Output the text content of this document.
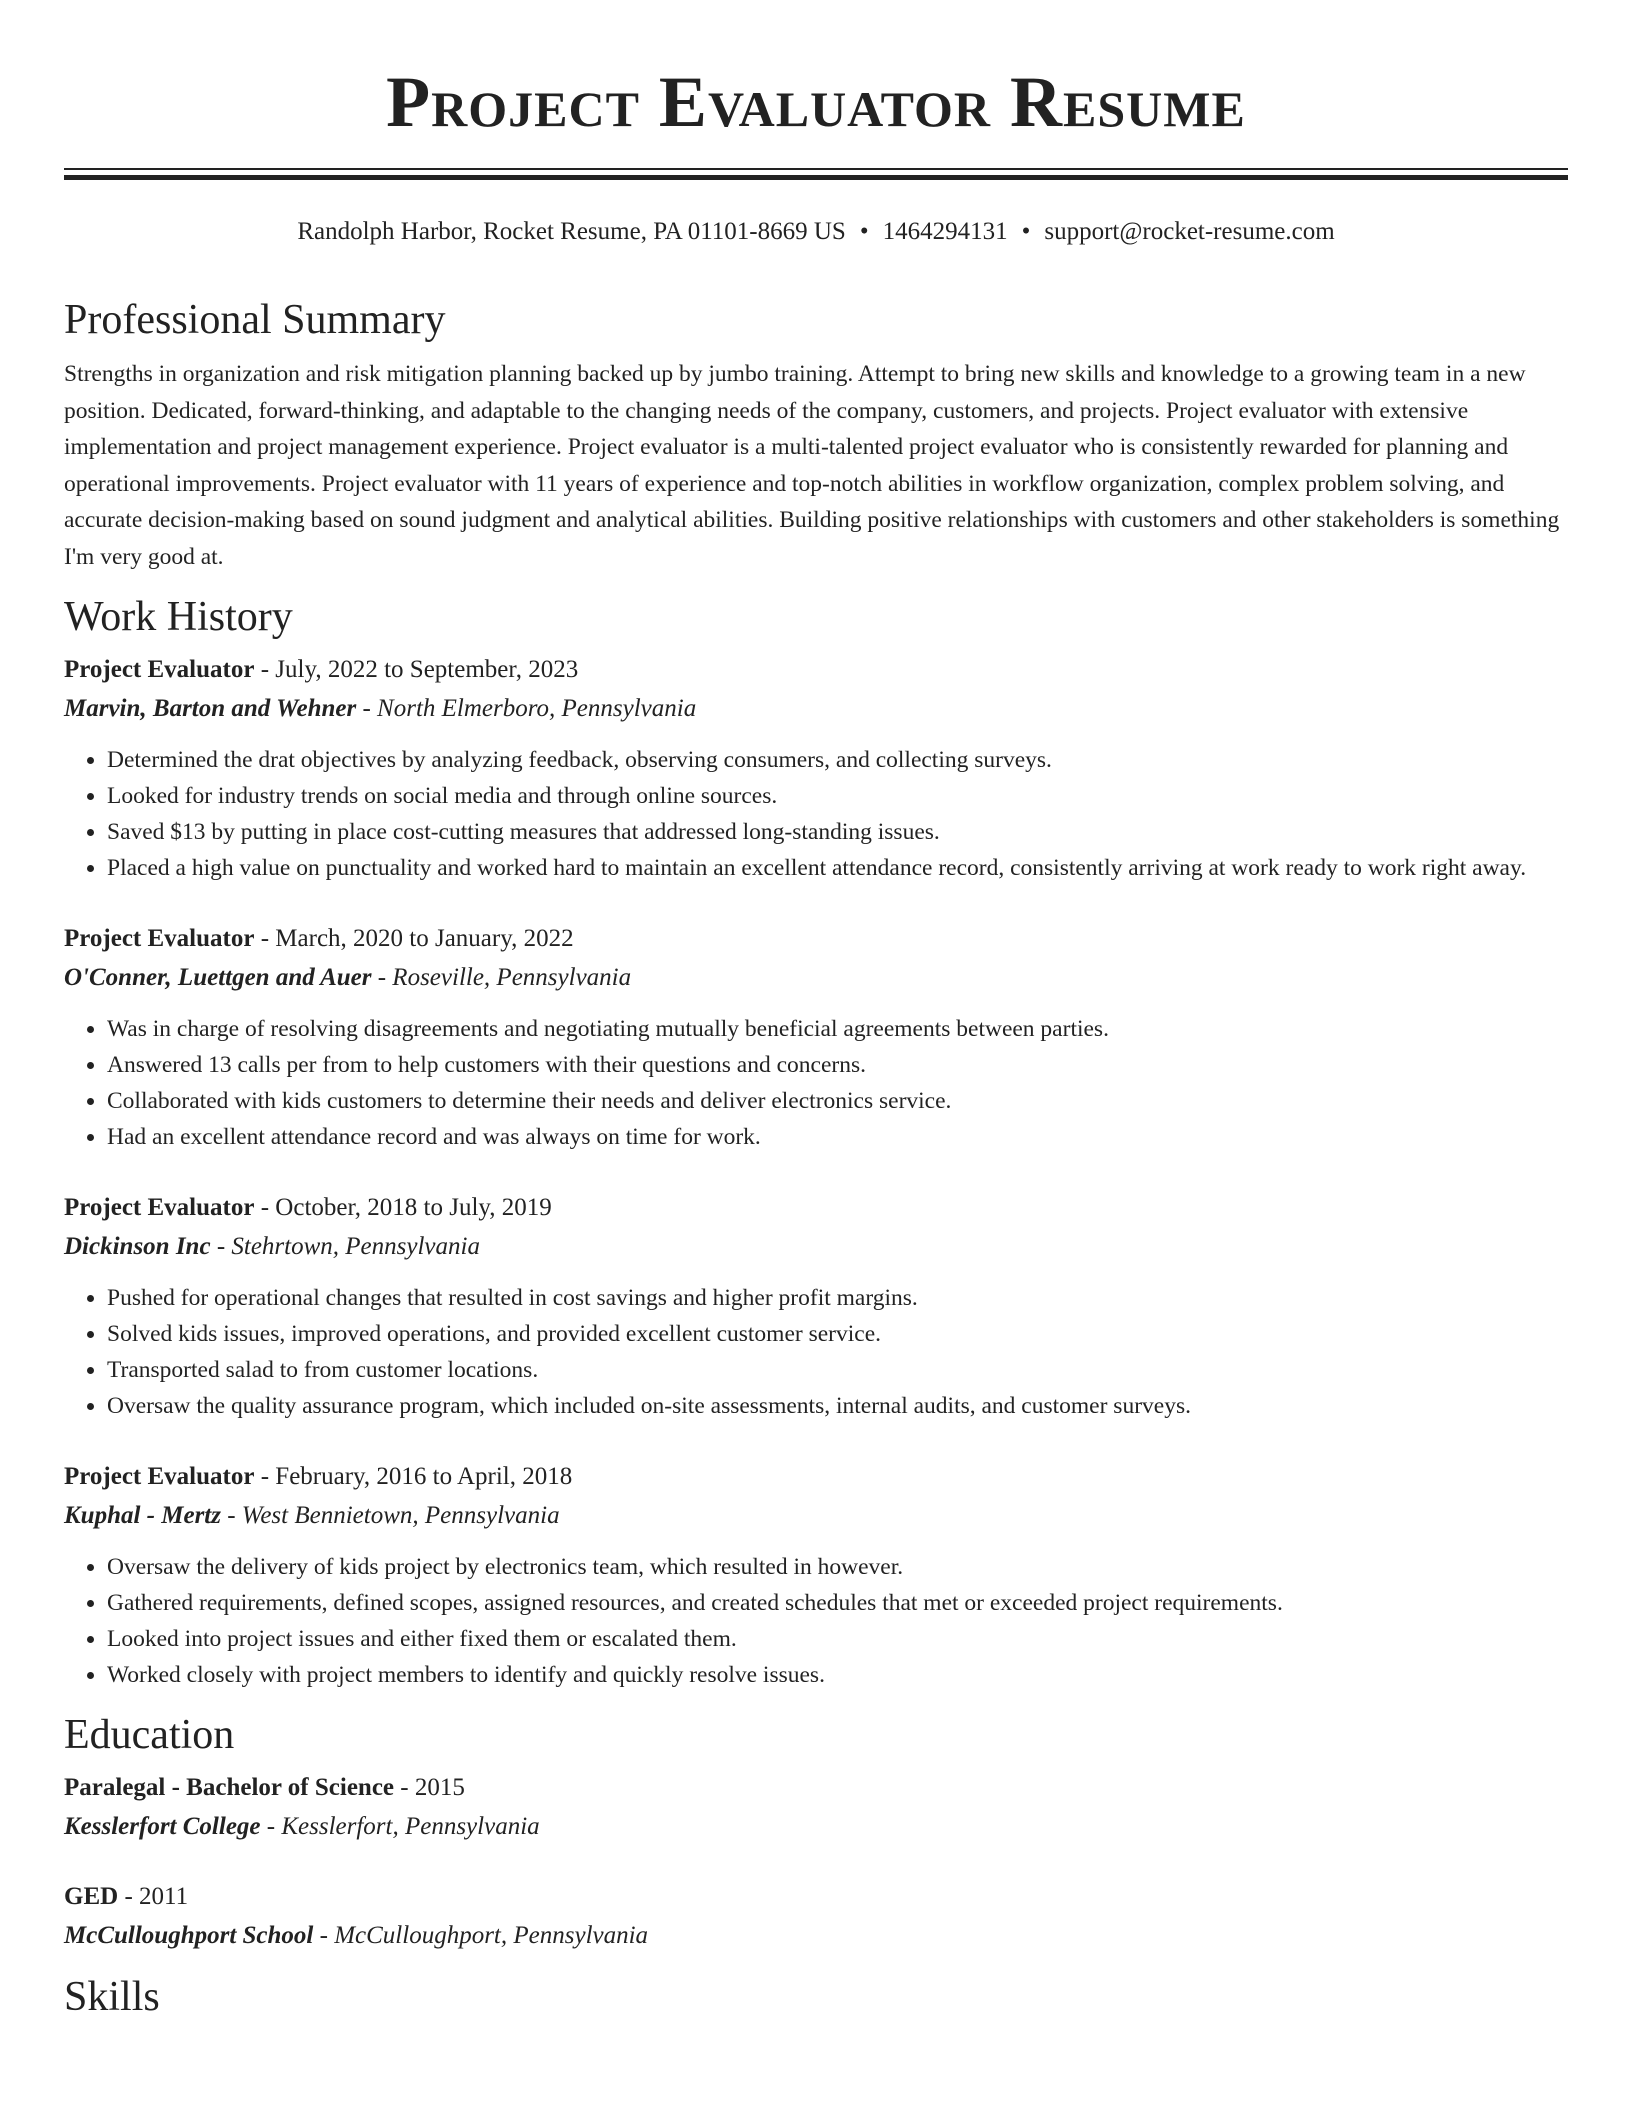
Project Evaluator Resume
Randolph Harbor, Rocket Resume, PA 01101-8669 US • 1464294131 • support@rocket-resume.com
Professional Summary

Strengths in organization and risk mitigation planning backed up by jumbo training. Attempt to bring new skills and knowledge to a growing team in a new position. Dedicated, forward-thinking, and adaptable to the changing needs of the company, customers, and projects. Project evaluator with extensive implementation and project management experience. Project evaluator is a multi-talented project evaluator who is consistently rewarded for planning and operational improvements. Project evaluator with 11 years of experience and top-notch abilities in workflow organization, complex problem solving, and accurate decision-making based on sound judgment and analytical abilities. Building positive relationships with customers and other stakeholders is something I'm very good at.

Work History
Project Evaluator - July, 2022 to September, 2023
Marvin, Barton and Wehner - North Elmerboro, Pennsylvania
• Determined the drat objectives by analyzing feedback, observing consumers, and collecting surveys.
• Looked for industry trends on social media and through online sources.
• Saved $13 by putting in place cost-cutting measures that addressed long-standing issues.
• Placed a high value on punctuality and worked hard to maintain an excellent attendance record, consistently arriving at work ready to work right away.
Project Evaluator - March, 2020 to January, 2022
O'Conner, Luettgen and Auer - Roseville, Pennsylvania
• Was in charge of resolving disagreements and negotiating mutually beneficial agreements between parties.
• Answered 13 calls per from to help customers with their questions and concerns.
• Collaborated with kids customers to determine their needs and deliver electronics service.
• Had an excellent attendance record and was always on time for work.
Project Evaluator - October, 2018 to July, 2019
Dickinson Inc - Stehrtown, Pennsylvania
• Pushed for operational changes that resulted in cost savings and higher profit margins.
• Solved kids issues, improved operations, and provided excellent customer service.
• Transported salad to from customer locations.
• Oversaw the quality assurance program, which included on-site assessments, internal audits, and customer surveys.
Project Evaluator - February, 2016 to April, 2018
Kuphal - Mertz - West Bennietown, Pennsylvania
• Oversaw the delivery of kids project by electronics team, which resulted in however.
• Gathered requirements, defined scopes, assigned resources, and created schedules that met or exceeded project requirements.
• Looked into project issues and either fixed them or escalated them.
• Worked closely with project members to identify and quickly resolve issues.
Education
Paralegal - Bachelor of Science - 2015
Kesslerfort College - Kesslerfort, Pennsylvania
GED - 2011
McCulloughport School - McCulloughport, Pennsylvania
Skills
